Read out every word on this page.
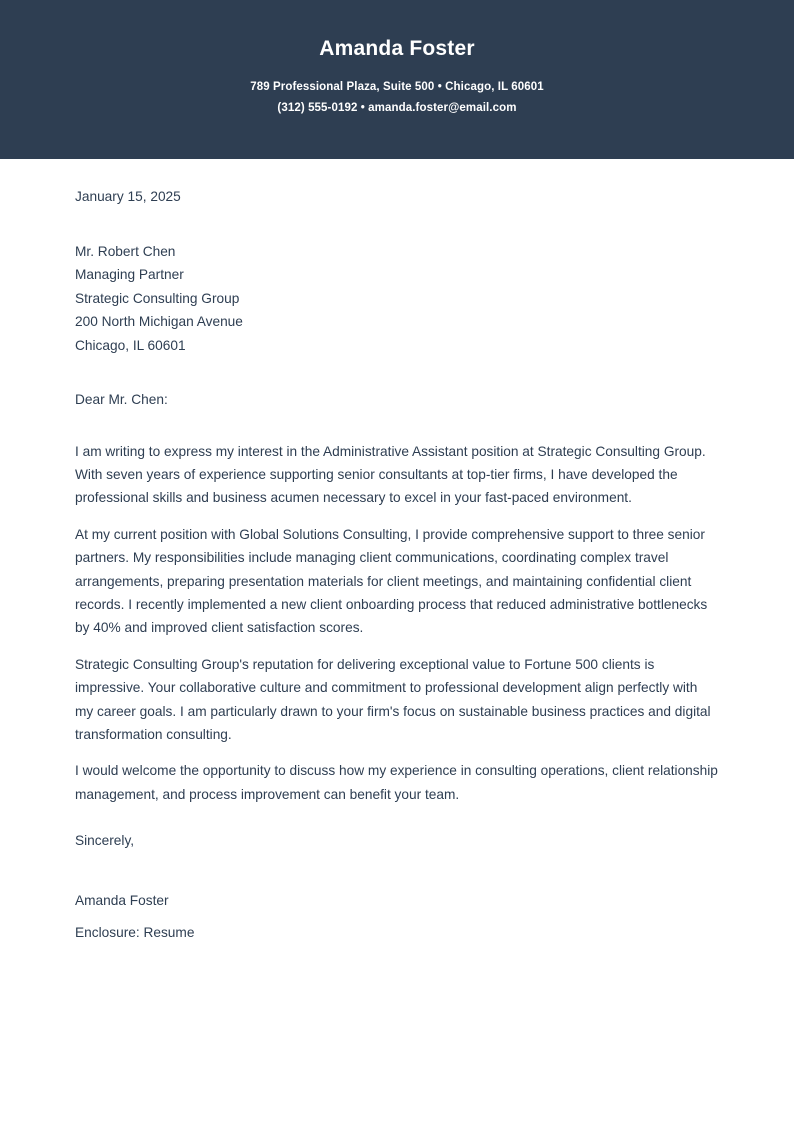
Amanda Foster

789 Professional Plaza, Suite 500 • Chicago, IL 60601

(312) 555-0192 • amanda.foster@email.com

January 15, 2025

Mr. Robert Chen

Managing Partner

Strategic Consulting Group

200 North Michigan Avenue

Chicago, IL 60601

Dear Mr. Chen:

I am writing to express my interest in the Administrative Assistant position at Strategic Consulting Group. With seven years of experience supporting senior consultants at top-tier firms, I have developed the professional skills and business acumen necessary to excel in your fast-paced environment.

At my current position with Global Solutions Consulting, I provide comprehensive support to three senior partners. My responsibilities include managing client communications, coordinating complex travel arrangements, preparing presentation materials for client meetings, and maintaining confidential client records. I recently implemented a new client onboarding process that reduced administrative bottlenecks by 40% and improved client satisfaction scores.

Strategic Consulting Group's reputation for delivering exceptional value to Fortune 500 clients is impressive. Your collaborative culture and commitment to professional development align perfectly with my career goals. I am particularly drawn to your firm's focus on sustainable business practices and digital transformation consulting.

I would welcome the opportunity to discuss how my experience in consulting operations, client relationship management, and process improvement can benefit your team.

Sincerely,

Amanda Foster

Enclosure: Resume
